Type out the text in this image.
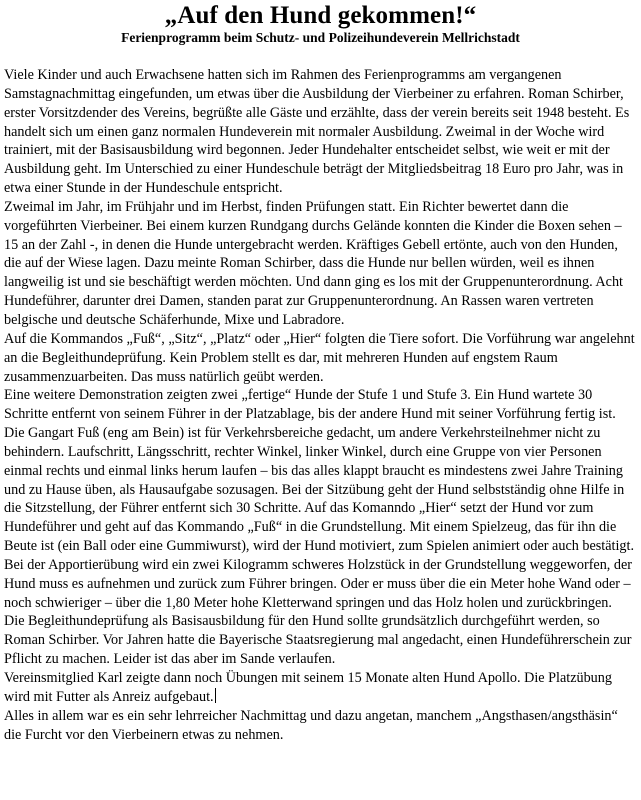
„Auf den Hund gekommen!“
Ferienprogramm beim Schutz- und Polizeihundeverein Mellrichstadt

Viele Kinder und auch Erwachsene hatten sich im Rahmen des Ferienprogramms am vergangenen Samstagnachmittag eingefunden, um etwas über die Ausbildung der Vierbeiner zu erfahren. Roman Schirber, erster Vorsitzdender des Vereins, begrüßte alle Gäste und erzählte, dass der verein bereits seit 1948 besteht. Es handelt sich um einen ganz normalen Hundeverein mit normaler Ausbildung. Zweimal in der Woche wird trainiert, mit der Basisausbildung wird begonnen. Jeder Hundehalter entscheidet selbst, wie weit er mit der Ausbildung geht. Im Unterschied zu einer Hundeschule beträgt der Mitgliedsbeitrag 18 Euro pro Jahr, was in etwa einer Stunde in der Hundeschule entspricht.

Zweimal im Jahr, im Frühjahr und im Herbst, finden Prüfungen statt. Ein Richter bewertet dann die vorgeführten Vierbeiner. Bei einem kurzen Rundgang durchs Gelände konnten die Kinder die Boxen sehen – 15 an der Zahl -, in denen die Hunde untergebracht werden. Kräftiges Gebell ertönte, auch von den Hunden, die auf der Wiese lagen. Dazu meinte Roman Schirber, dass die Hunde nur bellen würden, weil es ihnen langweilig ist und sie beschäftigt werden möchten. Und dann ging es los mit der Gruppenunterordnung. Acht Hundeführer, darunter drei Damen, standen parat zur Gruppenunterordnung. An Rassen waren vertreten belgische und deutsche Schäferhunde, Mixe und Labradore.

Auf die Kommandos „Fuß“, „Sitz“, „Platz“ oder „Hier“ folgten die Tiere sofort. Die Vorführung war angelehnt an die Begleithundeprüfung. Kein Problem stellt es dar, mit mehreren Hunden auf engstem Raum zusammenzuarbeiten. Das muss natürlich geübt werden.

Eine weitere Demonstration zeigten zwei „fertige“ Hunde der Stufe 1 und Stufe 3. Ein Hund wartete 30 Schritte entfernt von seinem Führer in der Platzablage, bis der andere Hund mit seiner Vorführung fertig ist. Die Gangart Fuß (eng am Bein) ist für Verkehrsbereiche gedacht, um andere Verkehrsteilnehmer nicht zu behindern. Laufschritt, Längsschritt, rechter Winkel, linker Winkel, durch eine Gruppe von vier Personen einmal rechts und einmal links herum laufen – bis das alles klappt braucht es mindestens zwei Jahre Training und zu Hause üben, als Hausaufgabe sozusagen. Bei der Sitzübung geht der Hund selbstständig ohne Hilfe in die Sitzstellung, der Führer entfernt sich 30 Schritte. Auf das Komanndo „Hier“ setzt der Hund vor zum Hundeführer und geht auf das Kommando „Fuß“ in die Grundstellung. Mit einem Spielzeug, das für ihn die Beute ist (ein Ball oder eine Gummiwurst), wird der Hund motiviert, zum Spielen animiert oder auch bestätigt. Bei der Apportierübung wird ein zwei Kilogramm schweres Holzstück in der Grundstellung weggeworfen, der Hund muss es aufnehmen und zurück zum Führer bringen. Oder er muss über die ein Meter hohe Wand oder – noch schwieriger – über die 1,80 Meter hohe Kletterwand springen und das Holz holen und zurückbringen.

Die Begleithundeprüfung als Basisausbildung für den Hund sollte grundsätzlich durchgeführt werden, so Roman Schirber. Vor Jahren hatte die Bayerische Staatsregierung mal angedacht, einen Hundeführerschein zur Pflicht zu machen. Leider ist das aber im Sande verlaufen.

Vereinsmitglied Karl zeigte dann noch Übungen mit seinem 15 Monate alten Hund Apollo. Die Platzübung wird mit Futter als Anreiz aufgebaut.

Alles in allem war es ein sehr lehrreicher Nachmittag und dazu angetan, manchem „Angsthasen/angsthäsin“ die Furcht vor den Vierbeinern etwas zu nehmen.
